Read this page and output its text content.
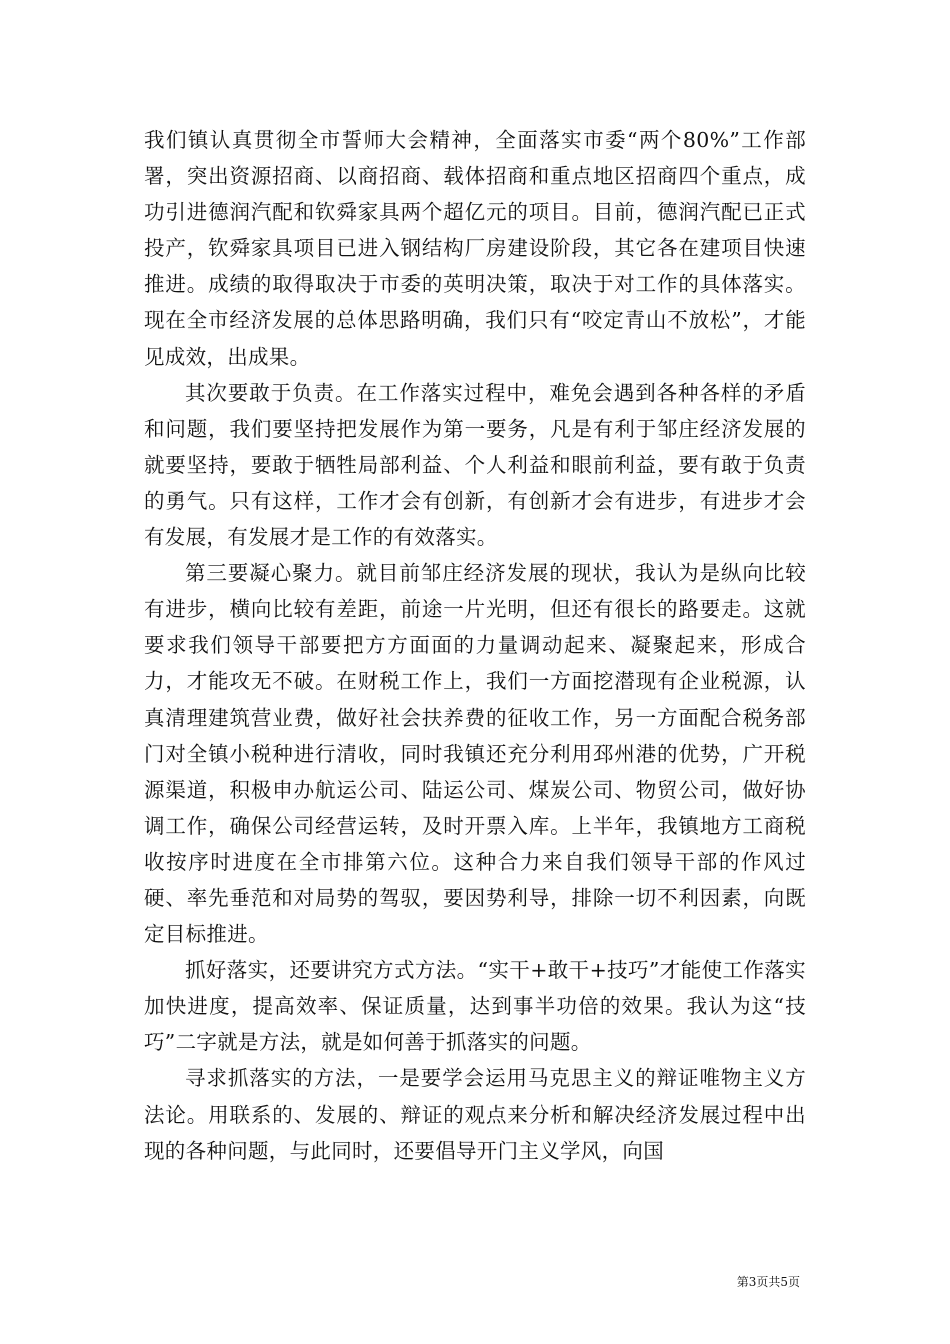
我们镇认真贯彻全市誓师大会精神，全面落实市委“两个80%”工作部署，突出资源招商、以商招商、载体招商和重点地区招商四个重点，成功引进德润汽配和钦舜家具两个超亿元的项目。目前，德润汽配已正式投产，钦舜家具项目已进入钢结构厂房建设阶段，其它各在建项目快速推进。成绩的取得取决于市委的英明决策，取决于对工作的具体落实。现在全市经济发展的总体思路明确，我们只有“咬定青山不放松”，才能见成效，出成果。

其次要敢于负责。在工作落实过程中，难免会遇到各种各样的矛盾和问题，我们要坚持把发展作为第一要务，凡是有利于邹庄经济发展的就要坚持，要敢于牺牲局部利益、个人利益和眼前利益，要有敢于负责的勇气。只有这样，工作才会有创新，有创新才会有进步，有进步才会有发展，有发展才是工作的有效落实。

第三要凝心聚力。就目前邹庄经济发展的现状，我认为是纵向比较有进步，横向比较有差距，前途一片光明，但还有很长的路要走。这就要求我们领导干部要把方方面面的力量调动起来、凝聚起来，形成合力，才能攻无不破。在财税工作上，我们一方面挖潜现有企业税源，认真清理建筑营业费，做好社会扶养费的征收工作，另一方面配合税务部门对全镇小税种进行清收，同时我镇还充分利用邳州港的优势，广开税源渠道，积极申办航运公司、陆运公司、煤炭公司、物贸公司，做好协调工作，确保公司经营运转，及时开票入库。上半年，我镇地方工商税收按序时进度在全市排第六位。这种合力来自我们领导干部的作风过硬、率先垂范和对局势的驾驭，要因势利导，排除一切不利因素，向既定目标推进。

抓好落实，还要讲究方式方法。“实干+敢干+技巧”才能使工作落实加快进度，提高效率、保证质量，达到事半功倍的效果。我认为这“技巧”二字就是方法，就是如何善于抓落实的问题。

寻求抓落实的方法，一是要学会运用马克思主义的辩证唯物主义方法论。用联系的、发展的、辩证的观点来分析和解决经济发展过程中出现的各种问题，与此同时，还要倡导开门主义学风，向国

第3页共5页
